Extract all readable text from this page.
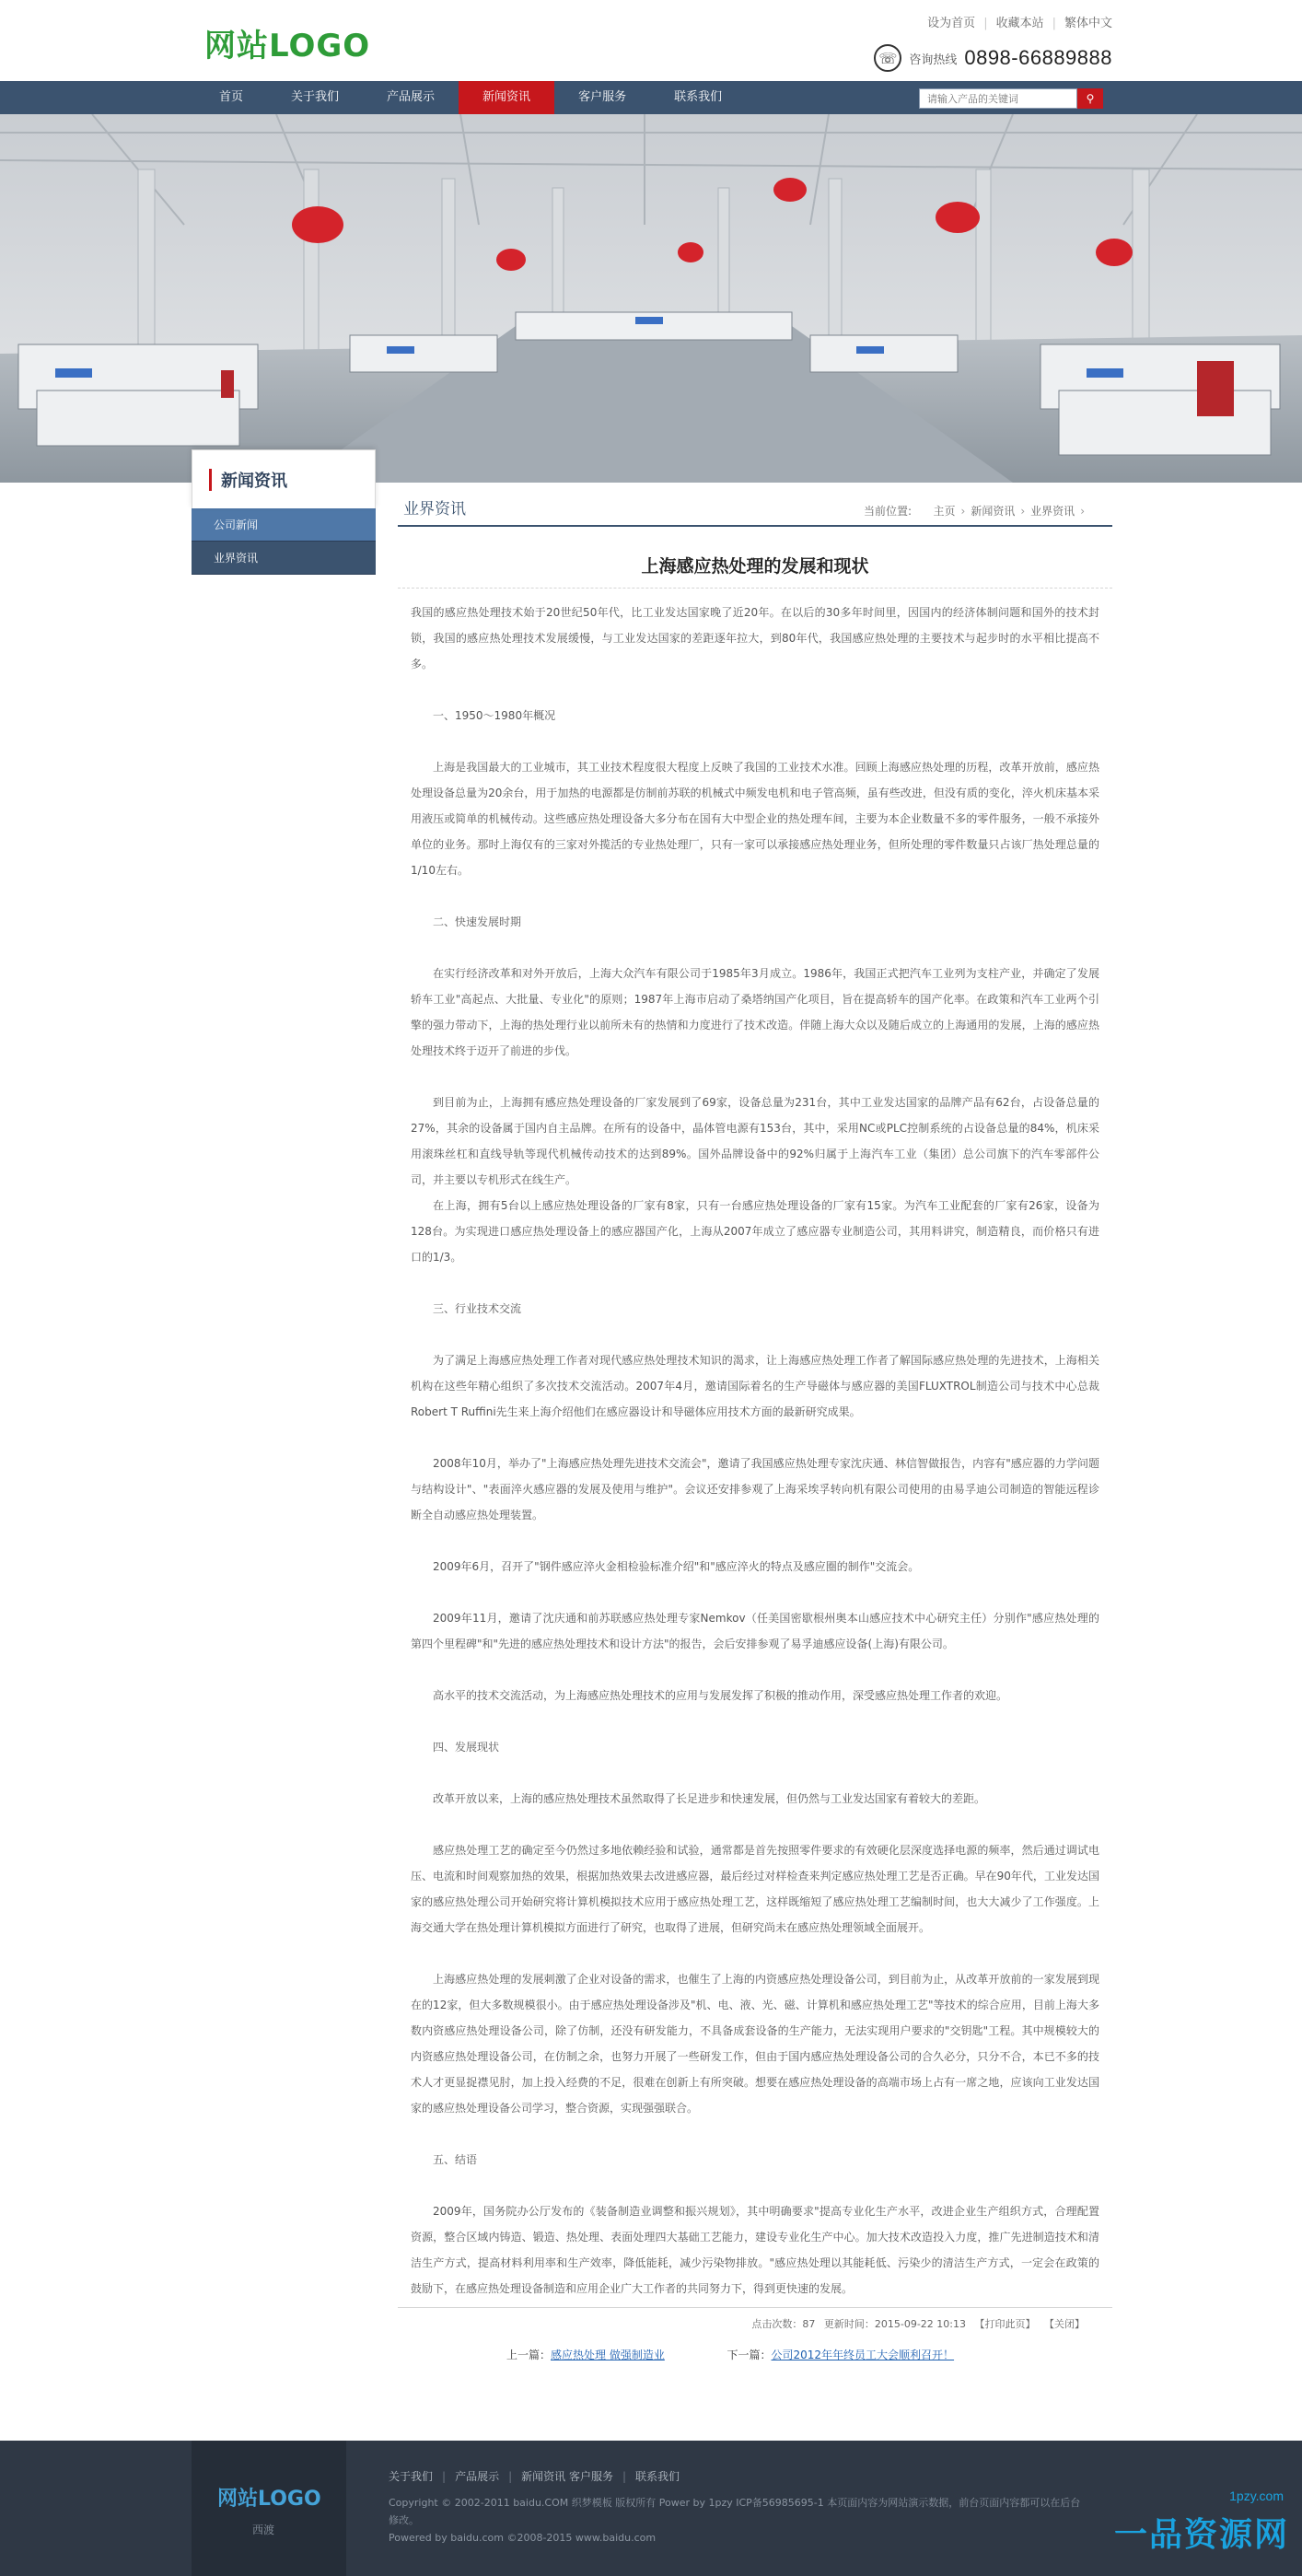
网站LOGO
设为首页 | 收藏本站 | 繁体中文
☏	咨询热线 0898-66889888
首页	关于我们	产品展示	新闻资讯	客户服务	联系我们
请输入产品的关键词	⚲
新闻资讯
公司新闻
业界资讯
业界资讯	当前位置: 主页 › 新闻资讯 › 业界资讯 ›
上海感应热处理的发展和现状

我国的感应热处理技术始于20世纪50年代，比工业发达国家晚了近20年。在以后的30多年时间里，因国内的经济体制问题和国外的技术封锁，我国的感应热处理技术发展缓慢，与工业发达国家的差距逐年拉大，到80年代，我国感应热处理的主要技术与起步时的水平相比提高不多。

一、1950～1980年概况

上海是我国最大的工业城市，其工业技术程度很大程度上反映了我国的工业技术水准。回顾上海感应热处理的历程，改革开放前，感应热处理设备总量为20余台，用于加热的电源都是仿制前苏联的机械式中频发电机和电子管高频，虽有些改进，但没有质的变化，淬火机床基本采用液压或简单的机械传动。这些感应热处理设备大多分布在国有大中型企业的热处理车间，主要为本企业数量不多的零件服务，一般不承接外单位的业务。那时上海仅有的三家对外揽活的专业热处理厂，只有一家可以承接感应热处理业务，但所处理的零件数量只占该厂热处理总量的1/10左右。

二、快速发展时期

在实行经济改革和对外开放后，上海大众汽车有限公司于1985年3月成立。1986年，我国正式把汽车工业列为支柱产业，并确定了发展轿车工业"高起点、大批量、专业化"的原则；1987年上海市启动了桑塔纳国产化项目，旨在提高轿车的国产化率。在政策和汽车工业两个引擎的强力带动下，上海的热处理行业以前所未有的热情和力度进行了技术改造。伴随上海大众以及随后成立的上海通用的发展，上海的感应热处理技术终于迈开了前进的步伐。

到目前为止，上海拥有感应热处理设备的厂家发展到了69家，设备总量为231台，其中工业发达国家的品牌产品有62台，占设备总量的27%，其余的设备属于国内自主品牌。在所有的设备中，晶体管电源有153台，其中，采用NC或PLC控制系统的占设备总量的84%，机床采用滚珠丝杠和直线导轨等现代机械传动技术的达到89%。国外品牌设备中的92%归属于上海汽车工业（集团）总公司旗下的汽车零部件公司，并主要以专机形式在线生产。

在上海，拥有5台以上感应热处理设备的厂家有8家，只有一台感应热处理设备的厂家有15家。为汽车工业配套的厂家有26家，设备为128台。为实现进口感应热处理设备上的感应器国产化，上海从2007年成立了感应器专业制造公司，其用料讲究，制造精良，而价格只有进口的1/3。

三、行业技术交流

为了满足上海感应热处理工作者对现代感应热处理技术知识的渴求，让上海感应热处理工作者了解国际感应热处理的先进技术，上海相关机构在这些年精心组织了多次技术交流活动。2007年4月，邀请国际着名的生产导磁体与感应器的美国FLUXTROL制造公司与技术中心总裁Robert T Ruffini先生来上海介绍他们在感应器设计和导磁体应用技术方面的最新研究成果。

2008年10月，举办了"上海感应热处理先进技术交流会"，邀请了我国感应热处理专家沈庆通、林信智做报告，内容有"感应器的力学问题与结构设计"、"表面淬火感应器的发展及使用与维护"。会议还安排参观了上海采埃孚转向机有限公司使用的由易孚迪公司制造的智能远程诊断全自动感应热处理装置。

2009年6月，召开了"钢件感应淬火金相检验标准介绍"和"感应淬火的特点及感应圈的制作"交流会。

2009年11月，邀请了沈庆通和前苏联感应热处理专家Nemkov（任美国密歇根州奥本山感应技术中心研究主任）分别作"感应热处理的第四个里程碑"和"先进的感应热处理技术和设计方法"的报告，会后安排参观了易孚迪感应设备(上海)有限公司。

高水平的技术交流活动，为上海感应热处理技术的应用与发展发挥了积极的推动作用，深受感应热处理工作者的欢迎。

四、发展现状

改革开放以来，上海的感应热处理技术虽然取得了长足进步和快速发展，但仍然与工业发达国家有着较大的差距。

感应热处理工艺的确定至今仍然过多地依赖经验和试验，通常都是首先按照零件要求的有效硬化层深度选择电源的频率，然后通过调试电压、电流和时间观察加热的效果，根据加热效果去改进感应器，最后经过对样检查来判定感应热处理工艺是否正确。早在90年代，工业发达国家的感应热处理公司开始研究将计算机模拟技术应用于感应热处理工艺，这样既缩短了感应热处理工艺编制时间，也大大减少了工作强度。上海交通大学在热处理计算机模拟方面进行了研究，也取得了进展，但研究尚未在感应热处理领域全面展开。

上海感应热处理的发展刺激了企业对设备的需求，也催生了上海的内资感应热处理设备公司，到目前为止，从改革开放前的一家发展到现在的12家，但大多数规模很小。由于感应热处理设备涉及"机、电、液、光、磁、计算机和感应热处理工艺"等技术的综合应用，目前上海大多数内资感应热处理设备公司，除了仿制，还没有研发能力，不具备成套设备的生产能力，无法实现用户要求的"交钥匙"工程。其中规模较大的内资感应热处理设备公司，在仿制之余，也努力开展了一些研发工作，但由于国内感应热处理设备公司的合久必分，只分不合，本已不多的技术人才更显捉襟见肘，加上投入经费的不足，很难在创新上有所突破。想要在感应热处理设备的高端市场上占有一席之地，应该向工业发达国家的感应热处理设备公司学习，整合资源，实现强强联合。

五、结语

2009年，国务院办公厅发布的《装备制造业调整和振兴规划》，其中明确要求"提高专业化生产水平，改进企业生产组织方式，合理配置资源，整合区域内铸造、锻造、热处理、表面处理四大基础工艺能力，建设专业化生产中心。加大技术改造投入力度，推广先进制造技术和清洁生产方式，提高材料利用率和生产效率，降低能耗，减少污染物排放。"感应热处理以其能耗低、污染少的清洁生产方式，一定会在政策的鼓励下，在感应热处理设备制造和应用企业广大工作者的共同努力下，得到更快速的发展。

点击次数：87 更新时间：2015-09-22 10:13 【打印此页】 【关闭】
上一篇：感应热处理 做强制造业	下一篇：公司2012年年终员工大会顺利召开！
网站LOGO
西渡
关于我们 | 产品展示 | 新闻资讯 客户服务 | 联系我们

Copyright © 2002-2011 baidu.COM 织梦模板 版权所有 Power by 1pzy ICP备56985695-1 本页面内容为网站演示数据，前台页面内容都可以在后台修改。

Powered by baidu.com ©2008-2015 www.baidu.com

1pzy.com
一品资源网
